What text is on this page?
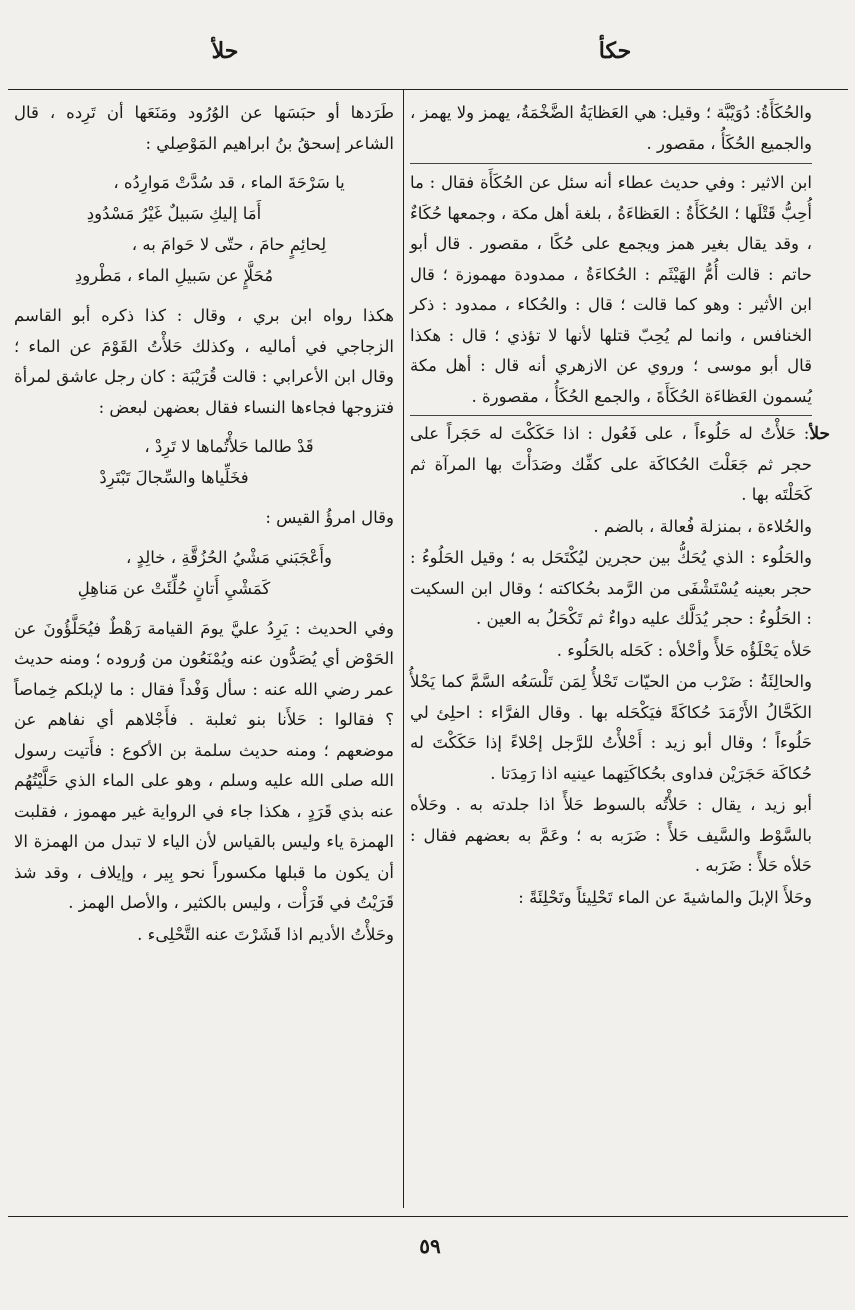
حكأ
حلأ

والحُكَأَةُ: دُوَيْبَّة ؛ وقيل: هي العَظايَةُ الضَّخْمَةُ، يهمز ولا يهمز ، والجميع الحُكَأُ ، مقصور .

ابن الاثير : وفي حديث عطاء أنه سئل عن الحُكَأَة فقال : ما أُحِبُّ قَتْلَها ؛ الحُكَأَةُ : العَظاءَةُ ، بلغة أهل مكة ، وجمعها حُكَاءٌ ، وقد يقال بغير همز ويجمع على حُكًا ، مقصور . قال أبو حاتم : قالت أُمُّ الهَيْثَم : الحُكاءَةُ ، ممدودة مهموزة ؛ قال ابن الأثير : وهو كما قالت ؛ قال : والحُكاء ، ممدود : ذكر الخنافس ، وانما لم يُحِبّ قتلها لأنها لا تؤذي ؛ قال : هكذا قال أبو موسى ؛ وروي عن الازهري أنه قال : أهل مكة يُسمون العَظاءَة الحُكَأَةَ ، والجمع الحُكَأُ ، مقصورة .

حلأ: حَلأْتُ له حَلُوءاً ، على فَعُول : اذا حَكَكْتَ له حَجَراً على حجر ثم جَعَلْتَ الحُكاكَة على كفِّك وصَدَأْتَ بها المرآة ثم كَحَلْتَه بها .

والحُلاءة ، بمنزلة فُعالة ، بالضم .

والحَلُوء : الذي يُحَكُّ بين حجرين ليُكْتَحَل به ؛ وقيل الحَلُوءُ : حجر بعينه يُسْتَشْفَى من الرَّمد بحُكاكته ؛ وقال ابن السكيت : الحَلُوءُ : حجر يُدَلَّك عليه دواءٌ ثم تَكْحَلُ به العين .

حَلأه يَحْلَؤُه حَلأً وأحْلأه : كَحَله بالحَلُوء .

والحالِئَةُ : ضَرْب من الحيّات تَحْلأُ لِمَن تَلْسَعُه السَّمَّ كما يَحْلأُ الكَحَّالُ الأَرْمَدَ حُكاكَةً فيَكْحَله بها . وقال الفرَّاء : احلِئ لي حَلُوءاً ؛ وقال أبو زيد : أَحْلأْتُ للرَّجل إحْلاءً إذا حَكَكْتَ له حُكاكَة حَجَرَيْن فداوى بحُكاكَتِهما عينيه اذا رَمِدَتا .

أبو زيد ، يقال : حَلأْتُه بالسوط حَلأً اذا جلدته به . وحَلأه بالسَّوْط والسَّيف حَلأً : ضَرَبه به ؛ وعَمَّ به بعضهم فقال : حَلأه حَلأً : ضَرَبه .

وحَلأَ الإبلَ والماشيةَ عن الماء تَحْلِيئاً وتَحْلِئَةً :

طَرَدها أو حبَسَها عن الوُرُود ومَنَعَها أن تَرِده ، قال الشاعر إسحقُ بنُ ابراهيم المَوْصِلي :

يا سَرْحَةَ الماء ، قد سُدَّتْ مَوارِدُه ،
أَمَا إليكِ سَبيلٌ غَيْرُ مَسْدُودِ
لِحائِمٍ حامَ ، حتّى لا حَوامَ به ،
مُحَلَّإٍ عن سَبيلِ الماء ، مَطْرودِ

هكذا رواه ابن بري ، وقال : كذا ذكره أبو القاسم الزجاجي في أماليه ، وكذلك حَلأْتُ القَوْمَ عن الماء ؛ وقال ابن الأعرابي : قالت قُرَيْبَة : كان رجل عاشق لمرأة فتزوجها فجاءها النساء فقال بعضهن لبعض :

قَدْ طالما حَلأْتُماها لا تَرِدْ ،
فخَلِّياها والسِّجالَ تَبْتَرِدْ

وقال امرؤُ القيس :

وأَعْجَبَني مَشْيُ الحُزُقَّةِ ، خالِدٍ ،
كَمَشْيِ أَتانٍ حُلِّئَتْ عن مَناهِلِ

وفي الحديث : يَرِدُ عليَّ يومَ القيامة رَهْطٌ فيُحَلَّؤُونَ عن الحَوْض أي يُصَدُّون عنه ويُمْنَعُون من وُروده ؛ ومنه حديث عمر رضي الله عنه : سأل وَفْداً فقال : ما لإبلكم خِماصاً ؟ فقالوا : حَلأَنا بنو ثعلبة . فأَجْلاهم أي نفاهم عن موضعهم ؛ ومنه حديث سلمة بن الأكوع : فأَتيت رسول الله صلى الله عليه وسلم ، وهو على الماء الذي حَلَّيْتُهُم عنه بذي قَرَدٍ ، هكذا جاء في الرواية غير مهموز ، فقلبت الهمزة ياء وليس بالقياس لأن الياء لا تبدل من الهمزة الا أن يكون ما قبلها مكسوراً نحو بِير ، وإيلاف ، وقد شذ قَرَيْتُ في قَرَأْت ، وليس بالكثير ، والأصل الهمز .

وحَلأْتُ الأديم اذا قَشَرْتَ عنه التَّحْلِىء .

٥٩
